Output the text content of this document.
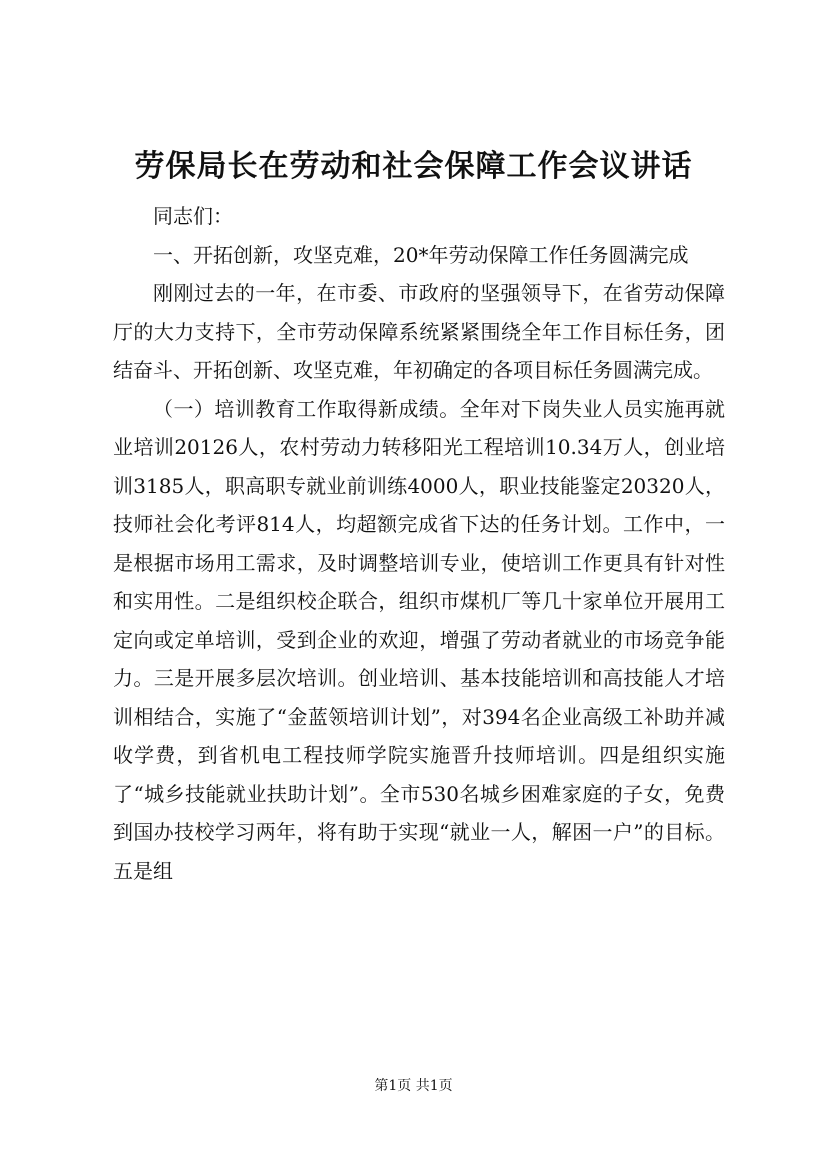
劳保局长在劳动和社会保障工作会议讲话

同志们：

一、开拓创新，攻坚克难，20*年劳动保障工作任务圆满完成

刚刚过去的一年，在市委、市政府的坚强领导下，在省劳动保障厅的大力支持下，全市劳动保障系统紧紧围绕全年工作目标任务，团结奋斗、开拓创新、攻坚克难，年初确定的各项目标任务圆满完成。

（一）培训教育工作取得新成绩。全年对下岗失业人员实施再就业培训20126人，农村劳动力转移阳光工程培训10.34万人，创业培训3185人，职高职专就业前训练4000人，职业技能鉴定20320人，技师社会化考评814人，均超额完成省下达的任务计划。工作中，一是根据市场用工需求，及时调整培训专业，使培训工作更具有针对性和实用性。二是组织校企联合，组织市煤机厂等几十家单位开展用工定向或定单培训，受到企业的欢迎，增强了劳动者就业的市场竞争能力。三是开展多层次培训。创业培训、基本技能培训和高技能人才培训相结合，实施了“金蓝领培训计划”，对394名企业高级工补助并减收学费，到省机电工程技师学院实施晋升技师培训。四是组织实施了“城乡技能就业扶助计划”。全市530名城乡困难家庭的子女，免费到国办技校学习两年，将有助于实现“就业一人，解困一户”的目标。五是组

第1页 共1页
